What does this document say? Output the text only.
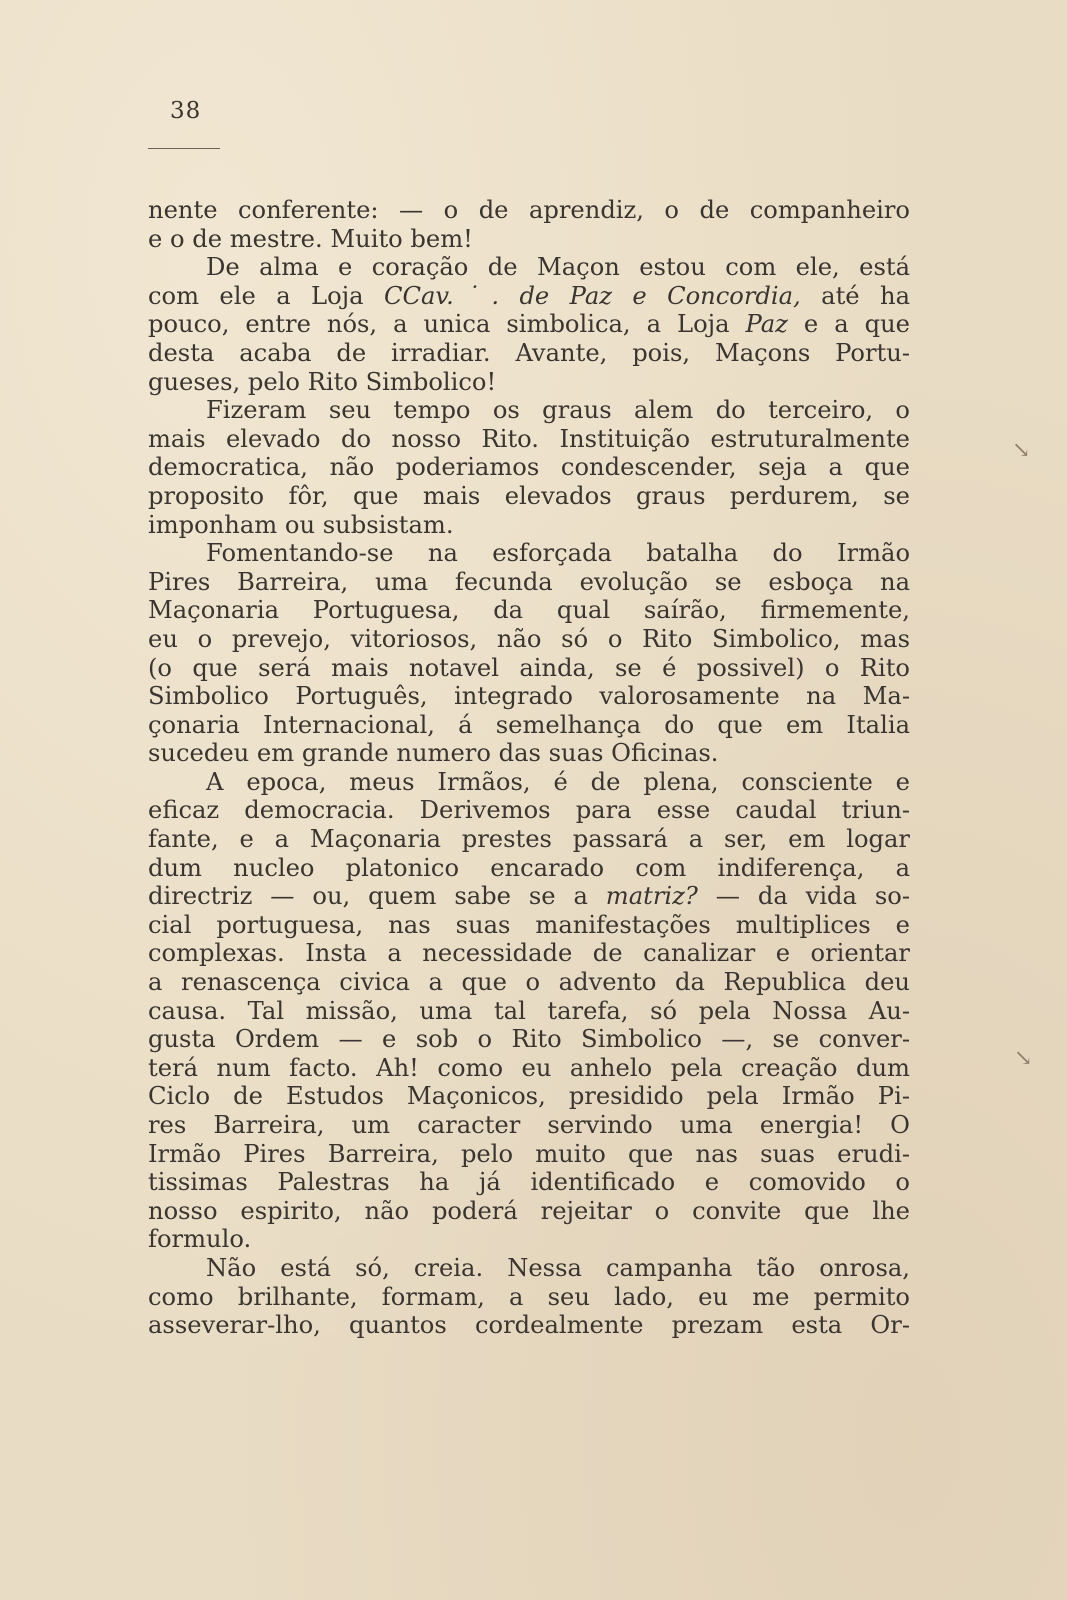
38
nente conferente: — o de aprendiz, o de companheiro
e o de mestre. Muito bem!
De alma e coração de Maçon estou com ele, está
com ele a Loja CCav.˙. de Paz e Concordia, até ha
pouco, entre nós, a unica simbolica, a Loja Paz e a que
desta acaba de irradiar. Avante, pois, Maçons Portu-
gueses, pelo Rito Simbolico!
Fizeram seu tempo os graus alem do terceiro, o
mais elevado do nosso Rito. Instituição estruturalmente
democratica, não poderiamos condescender, seja a que
proposito fôr, que mais elevados graus perdurem, se
imponham ou subsistam.
Fomentando-se na esforçada batalha do Irmão
Pires Barreira, uma fecunda evolução se esboça na
Maçonaria Portuguesa, da qual saírão, firmemente,
eu o prevejo, vitoriosos, não só o Rito Simbolico, mas
(o que será mais notavel ainda, se é possivel) o Rito
Simbolico Português, integrado valorosamente na Ma-
çonaria Internacional, á semelhança do que em Italia
sucedeu em grande numero das suas Oficinas.
A epoca, meus Irmãos, é de plena, consciente e
eficaz democracia. Derivemos para esse caudal triun-
fante, e a Maçonaria prestes passará a ser, em logar
dum nucleo platonico encarado com indiferença, a
directriz — ou, quem sabe se a matriz? — da vida so-
cial portuguesa, nas suas manifestações multiplices e
complexas. Insta a necessidade de canalizar e orientar
a renascença civica a que o advento da Republica deu
causa. Tal missão, uma tal tarefa, só pela Nossa Au-
gusta Ordem — e sob o Rito Simbolico —, se conver-
terá num facto. Ah! como eu anhelo pela creação dum
Ciclo de Estudos Maçonicos, presidido pela Irmão Pi-
res Barreira, um caracter servindo uma energia! O
Irmão Pires Barreira, pelo muito que nas suas erudi-
tissimas Palestras ha já identificado e comovido o
nosso espirito, não poderá rejeitar o convite que lhe
formulo.
Não está só, creia. Nessa campanha tão onrosa,
como brilhante, formam, a seu lado, eu me permito
asseverar-lho, quantos cordealmente prezam esta Or-
↘
↘
